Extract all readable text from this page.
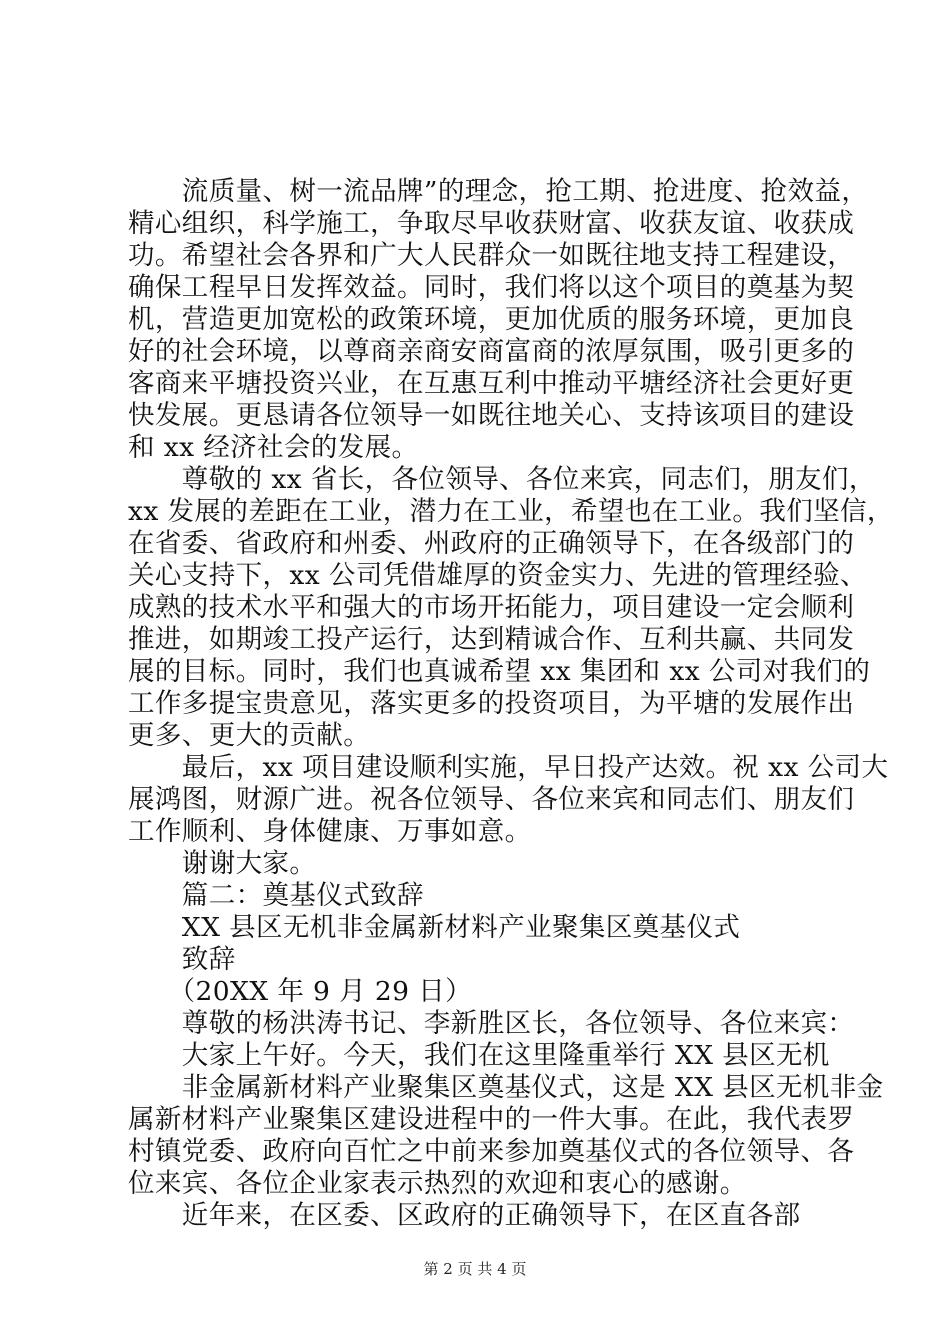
　　流质量、树一流品牌”的理念，抢工期、抢进度、抢效益，
精心组织，科学施工，争取尽早收获财富、收获友谊、收获成
功。希望社会各界和广大人民群众一如既往地支持工程建设，
确保工程早日发挥效益。同时，我们将以这个项目的奠基为契
机，营造更加宽松的政策环境，更加优质的服务环境，更加良
好的社会环境，以尊商亲商安商富商的浓厚氛围，吸引更多的
客商来平塘投资兴业，在互惠互利中推动平塘经济社会更好更
快发展。更恳请各位领导一如既往地关心、支持该项目的建设
和 xx 经济社会的发展。
　　尊敬的 xx 省长，各位领导、各位来宾，同志们，朋友们，
xx 发展的差距在工业，潜力在工业，希望也在工业。我们坚信，
在省委、省政府和州委、州政府的正确领导下，在各级部门的
关心支持下，xx 公司凭借雄厚的资金实力、先进的管理经验、
成熟的技术水平和强大的市场开拓能力，项目建设一定会顺利
推进，如期竣工投产运行，达到精诚合作、互利共赢、共同发
展的目标。同时，我们也真诚希望 xx 集团和 xx 公司对我们的
工作多提宝贵意见，落实更多的投资项目，为平塘的发展作出
更多、更大的贡献。
　　最后，xx 项目建设顺利实施，早日投产达效。祝 xx 公司大
展鸿图，财源广进。祝各位领导、各位来宾和同志们、朋友们
工作顺利、身体健康、万事如意。
　　谢谢大家。
　　篇二：奠基仪式致辞
　　XX 县区无机非金属新材料产业聚集区奠基仪式
　　致辞
　　（20XX 年 9 月 29 日）
　　尊敬的杨洪涛书记、李新胜区长，各位领导、各位来宾：
　　大家上午好。今天，我们在这里隆重举行 XX 县区无机
　　非金属新材料产业聚集区奠基仪式，这是 XX 县区无机非金
属新材料产业聚集区建设进程中的一件大事。在此，我代表罗
村镇党委、政府向百忙之中前来参加奠基仪式的各位领导、各
位来宾、各位企业家表示热烈的欢迎和衷心的感谢。
　　近年来，在区委、区政府的正确领导下，在区直各部
第 2 页 共 4 页
